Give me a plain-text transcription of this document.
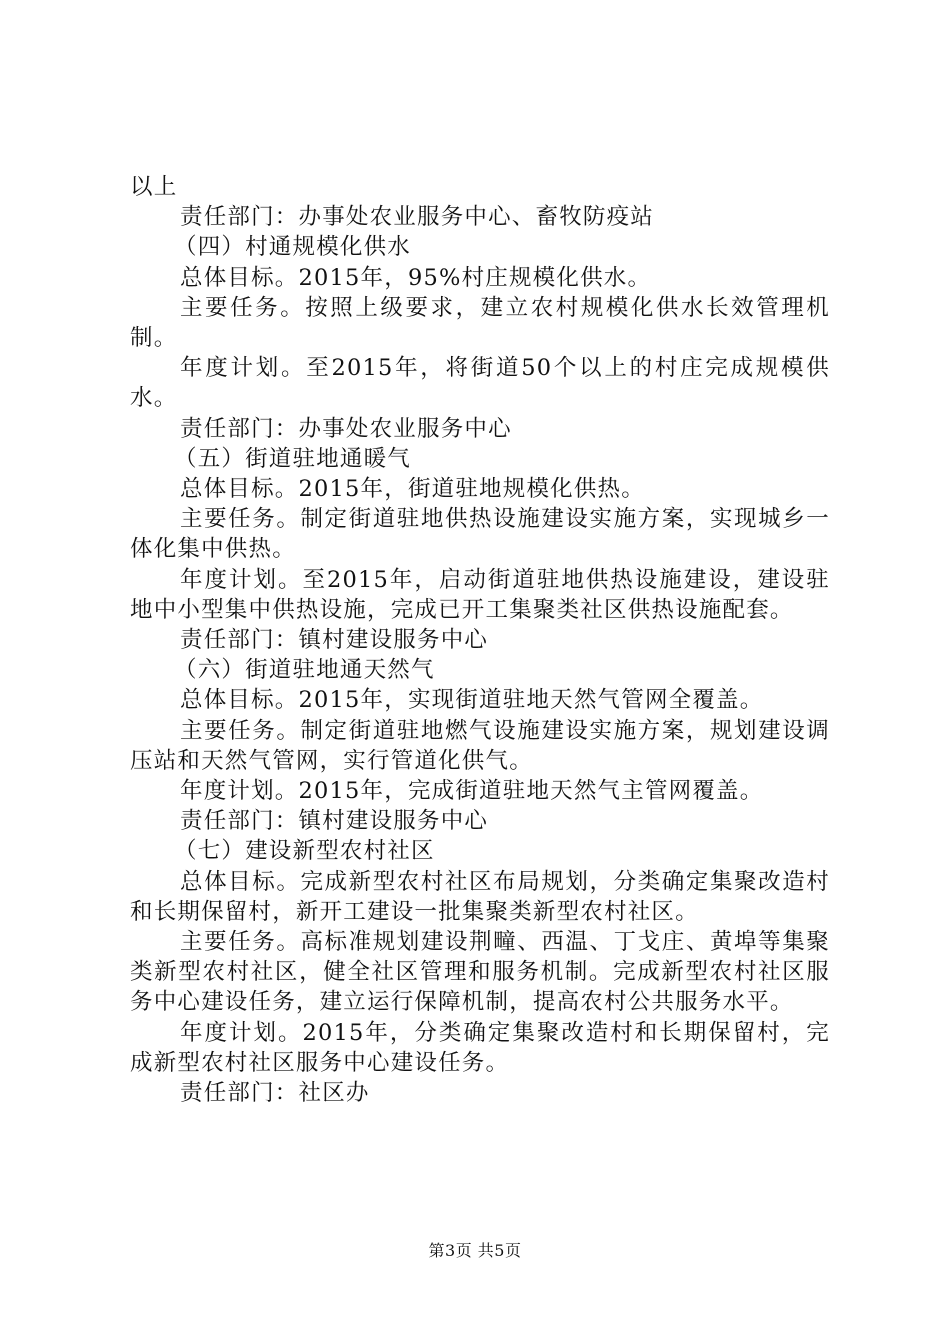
以上

责任部门：办事处农业服务中心、畜牧防疫站

（四）村通规模化供水

总体目标。2015年，95%村庄规模化供水。

主要任务。按照上级要求，建立农村规模化供水长效管理机制。

年度计划。至2015年，将街道50个以上的村庄完成规模供水。

责任部门：办事处农业服务中心

（五）街道驻地通暖气

总体目标。2015年，街道驻地规模化供热。

主要任务。制定街道驻地供热设施建设实施方案，实现城乡一体化集中供热。

年度计划。至2015年，启动街道驻地供热设施建设，建设驻地中小型集中供热设施，完成已开工集聚类社区供热设施配套。

责任部门：镇村建设服务中心

（六）街道驻地通天然气

总体目标。2015年，实现街道驻地天然气管网全覆盖。

主要任务。制定街道驻地燃气设施建设实施方案，规划建设调压站和天然气管网，实行管道化供气。

年度计划。2015年，完成街道驻地天然气主管网覆盖。

责任部门：镇村建设服务中心

（七）建设新型农村社区

总体目标。完成新型农村社区布局规划，分类确定集聚改造村和长期保留村，新开工建设一批集聚类新型农村社区。

主要任务。高标准规划建设荆疃、西温、丁戈庄、黄埠等集聚类新型农村社区，健全社区管理和服务机制。完成新型农村社区服务中心建设任务，建立运行保障机制，提高农村公共服务水平。

年度计划。2015年，分类确定集聚改造村和长期保留村，完成新型农村社区服务中心建设任务。

责任部门：社区办

第3页 共5页
